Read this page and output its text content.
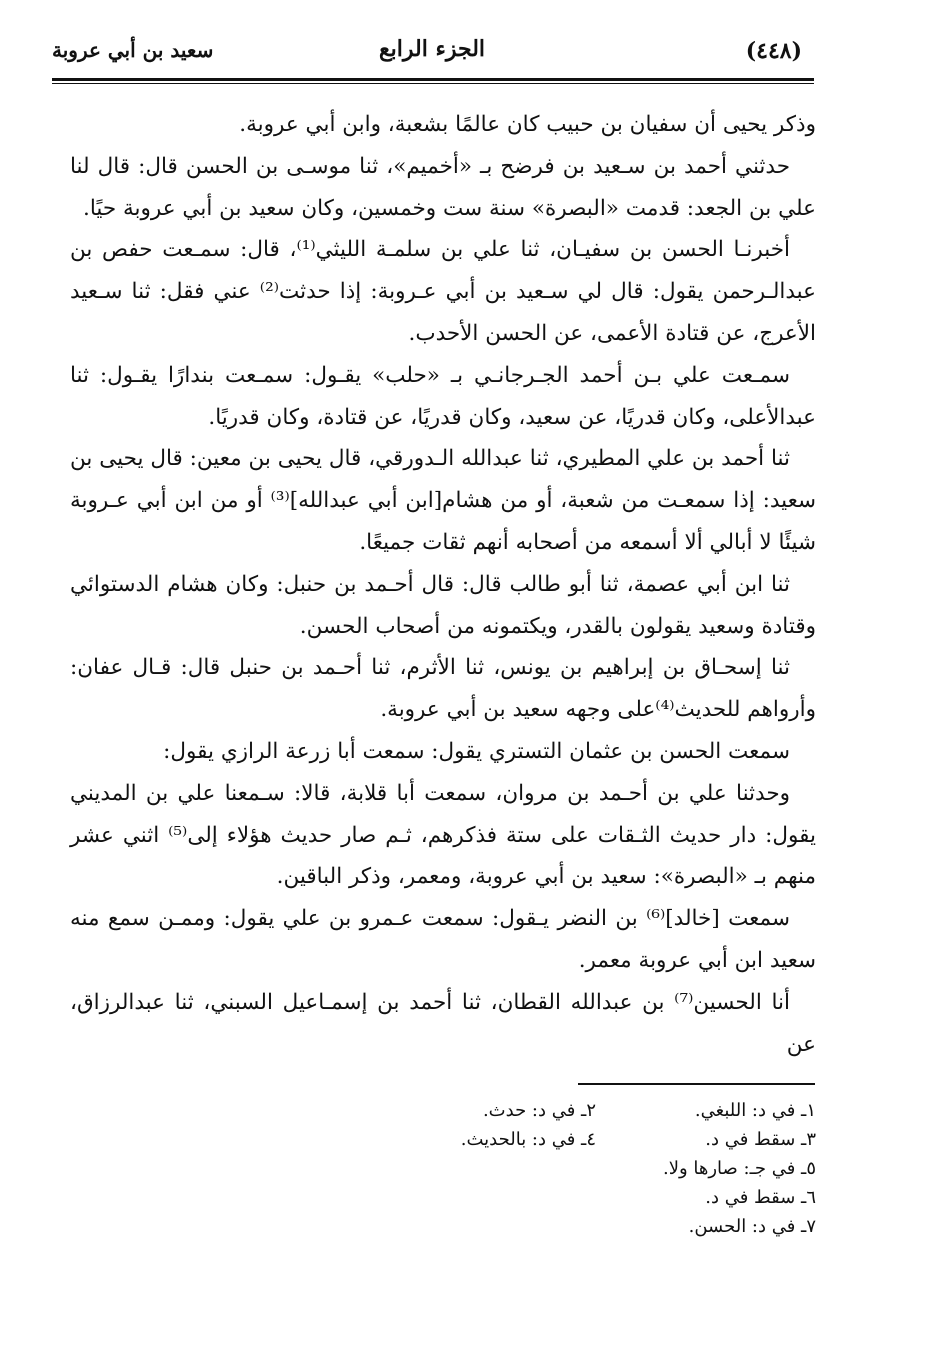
(٤٤٨)
الجزء الرابع
سعيد بن أبي عروبة

وذكر يحيى أن سفيان بن حبيب كان عالمًا بشعبة، وابن أبي عروبة.

حدثني أحمد بن سـعيد بن فرضح بـ «أخميم»، ثنا موسـى بن الحسن قال: قال لنا علي بن الجعد: قدمت «البصرة» سنة ست وخمسين، وكان سعيد بن أبي عروبة حيًا.

أخبرنـا الحسن بن سفيـان، ثنا علي بن سلمـة الليثي⁽¹⁾، قال: سمـعت حفص بن عبدالـرحمن يقول: قال لي سـعيد بن أبي عـروبة: إذا حدثت⁽²⁾ عني فقل: ثنا سـعيد الأعرج، عن قتادة الأعمى، عن الحسن الأحدب.

سمـعت علي بـن أحمد الجـرجانـي بـ «حلب» يقـول: سمـعت بندارًا يقـول: ثنا عبدالأعلى، وكان قدريًا، عن سعيد، وكان قدريًا، عن قتادة، وكان قدريًا.

ثنا أحمد بن علي المطيري، ثنا عبدالله الـدورقي، قال يحيى بن معين: قال يحيى بن سعيد: إذا سمعـت من شعبة، أو من هشام[ابن أبي عبدالله]⁽³⁾ أو من ابن أبي عـروبة شيئًا لا أبالي ألا أسمعه من أصحابه أنهم ثقات جميعًا.

ثنا ابن أبي عصمة، ثنا أبو طالب قال: قال أحـمد بن حنبل: وكان هشام الدستوائي وقتادة وسعيد يقولون بالقدر، ويكتمونه من أصحاب الحسن.

ثنا إسحـاق بن إبراهيم بن يونس، ثنا الأثرم، ثنا أحـمد بن حنبل قال: قـال عفان: وأرواهم للحديث⁽⁴⁾على وجهه سعيد بن أبي عروبة.

سمعت الحسن بن عثمان التستري يقول: سمعت أبا زرعة الرازي يقول:

وحدثنا علي بن أحـمد بن مروان، سمعت أبا قلابة، قالا: سـمعنا علي بن المديني يقول: دار حديث الثـقات على ستة فذكرهم، ثـم صار حديث هؤلاء إلى⁽⁵⁾ اثني عشر منهم بـ «البصرة»: سعيد بن أبي عروبة، ومعمر، وذكر الباقين.

سمعت [خالد]⁽⁶⁾ بن النضر يـقول: سمعت عـمرو بن علي يقول: وممـن سمع منه سعيد ابن أبي عروبة معمر.

أنا الحسين⁽⁷⁾ بن عبدالله القطان، ثنا أحمد بن إسمـاعيل السبني، ثنا عبدالرزاق، عن

١ـ في د: اللبغي.
٢ـ في د: حدث.
٣ـ سقط في د.
٤ـ في د: بالحديث.
٥ـ في جـ: صارها ولا.
٦ـ سقط في د.
٧ـ في د: الحسن.
